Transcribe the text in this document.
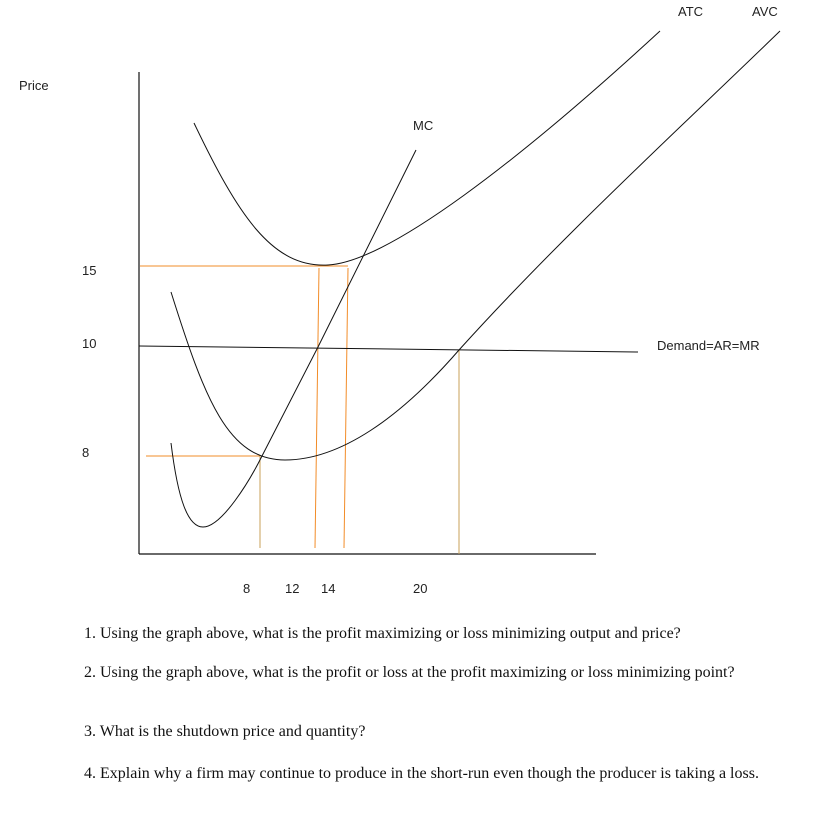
Price
15
10
8
8	12 14	20
Demand=AR=MR
ATC	AVC
MC
1. Using the graph above, what is the profit maximizing or loss minimizing output and price?
2. Using the graph above, what is the profit or loss at the profit maximizing or loss minimizing point?
3. What is the shutdown price and quantity?
4. Explain why a firm may continue to produce in the short-run even though the producer is taking a loss.
